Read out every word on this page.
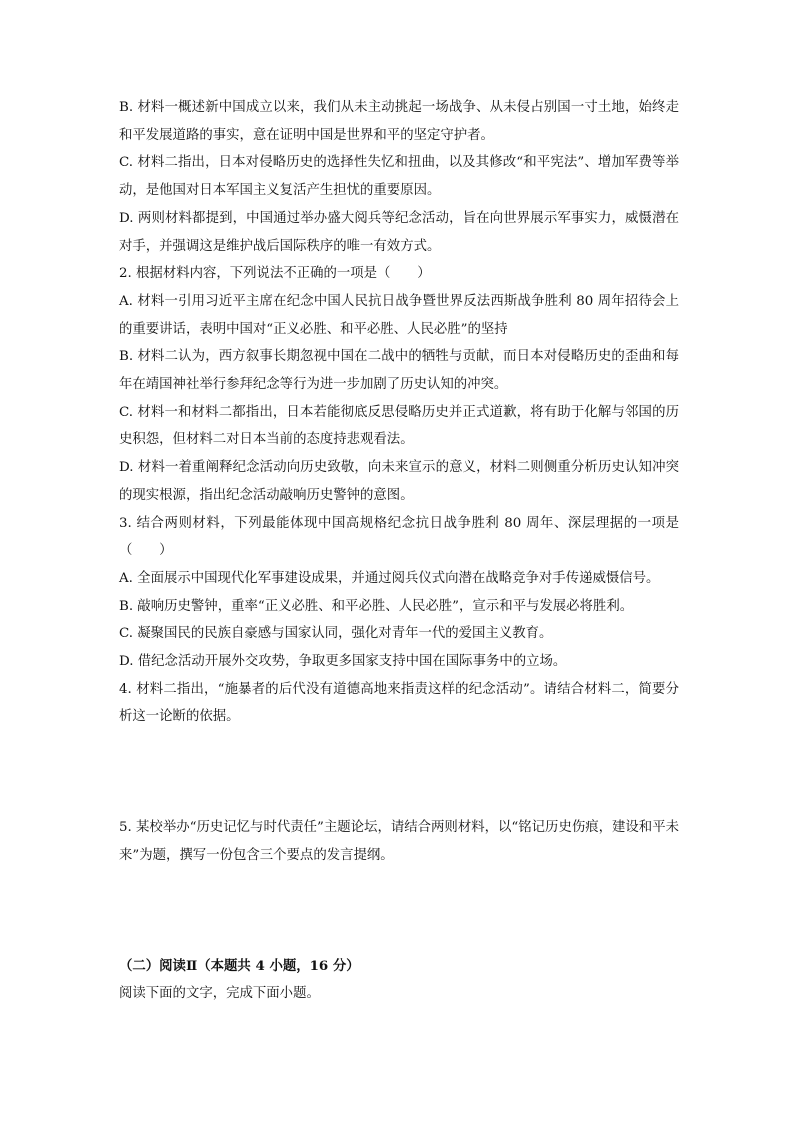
B. 材料一概述新中国成立以来，我们从未主动挑起一场战争、从未侵占别国一寸土地，始终走和平发展道路的事实，意在证明中国是世界和平的坚定守护者。

C. 材料二指出，日本对侵略历史的选择性失忆和扭曲，以及其修改“和平宪法”、增加军费等举动，是他国对日本军国主义复活产生担忧的重要原因。

D. 两则材料都提到，中国通过举办盛大阅兵等纪念活动，旨在向世界展示军事实力，威慑潜在对手，并强调这是维护战后国际秩序的唯一有效方式。

2. 根据材料内容，下列说法不正确的一项是（　　）

A. 材料一引用习近平主席在纪念中国人民抗日战争暨世界反法西斯战争胜利 80 周年招待会上的重要讲话，表明中国对“正义必胜、和平必胜、人民必胜”的坚持

B. 材料二认为，西方叙事长期忽视中国在二战中的牺牲与贡献，而日本对侵略历史的歪曲和每年在靖国神社举行参拜纪念等行为进一步加剧了历史认知的冲突。

C. 材料一和材料二都指出，日本若能彻底反思侵略历史并正式道歉，将有助于化解与邻国的历史积怨，但材料二对日本当前的态度持悲观看法。

D. 材料一着重阐释纪念活动向历史致敬，向未来宣示的意义，材料二则侧重分析历史认知冲突的现实根源，指出纪念活动敲响历史警钟的意图。

3. 结合两则材料，下列最能体现中国高规格纪念抗日战争胜利 80 周年、深层理据的一项是（　　）

A. 全面展示中国现代化军事建设成果，并通过阅兵仪式向潜在战略竞争对手传递威慑信号。

B. 敲响历史警钟，重率“正义必胜、和平必胜、人民必胜”，宣示和平与发展必将胜利。

C. 凝聚国民的民族自豪感与国家认同，强化对青年一代的爱国主义教育。

D. 借纪念活动开展外交攻势，争取更多国家支持中国在国际事务中的立场。

4. 材料二指出，“施暴者的后代没有道德高地来指责这样的纪念活动”。请结合材料二，简要分析这一论断的依据。

5. 某校举办“历史记忆与时代责任”主题论坛，请结合两则材料，以“铭记历史伤痕，建设和平未来”为题，撰写一份包含三个要点的发言提纲。

（二）阅读Ⅱ（本题共 4 小题，16 分）

阅读下面的文字，完成下面小题。
